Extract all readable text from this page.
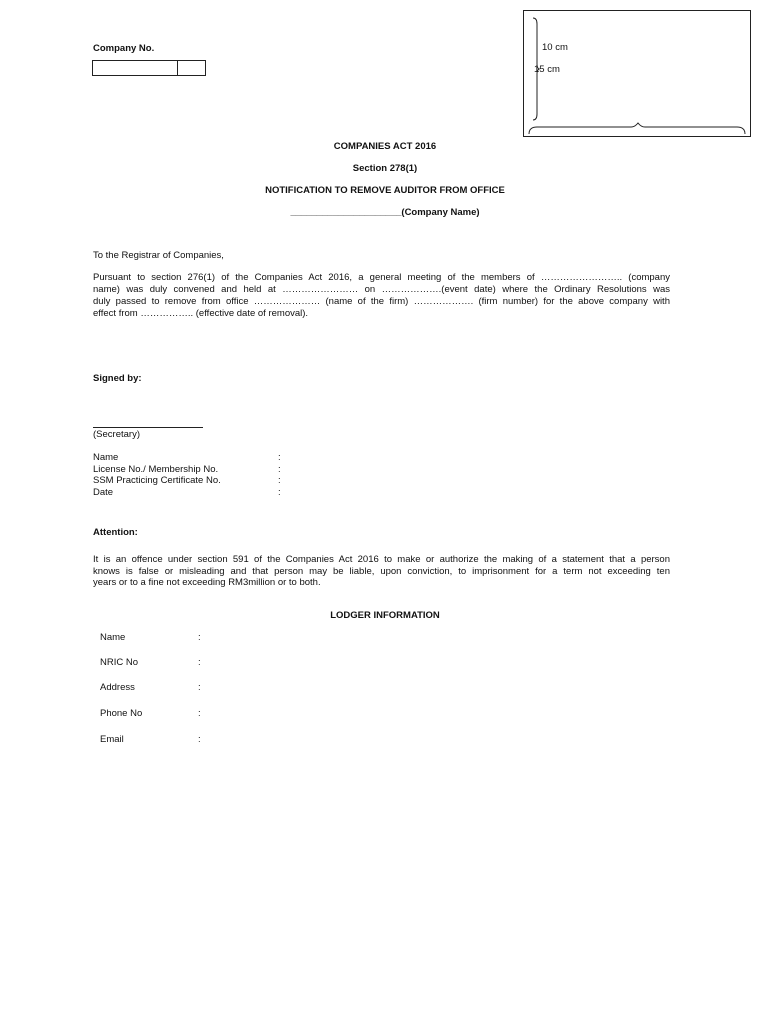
Company No.	10 cm
15 cm
COMPANIES ACT 2016
Section 278(1)
NOTIFICATION TO REMOVE AUDITOR FROM OFFICE
_____________________(Company Name)
To the Registrar of Companies,
Pursuant to section 276(1) of the Companies Act 2016, a general meeting of the members of …………………….. (company
name) was duly convened and held at …………………… on ……………….(event date) where the Ordinary Resolutions was
duly passed to remove from office ………………… (name of the firm) ………………. (firm number) for the above company with
effect from …………….. (effective date of removal).
Signed by:
(Secretary)
Name	:
License No./ Membership No.	:
SSM Practicing Certificate No.	:
Date	:
Attention:
It is an offence under section 591 of the Companies Act 2016 to make or authorize the making of a statement that a person
knows is false or misleading and that person may be liable, upon conviction, to imprisonment for a term not exceeding ten
years or to a fine not exceeding RM3million or to both.
LODGER INFORMATION
Name	:
NRIC No	:
Address	:
Phone No	:
Email	:
